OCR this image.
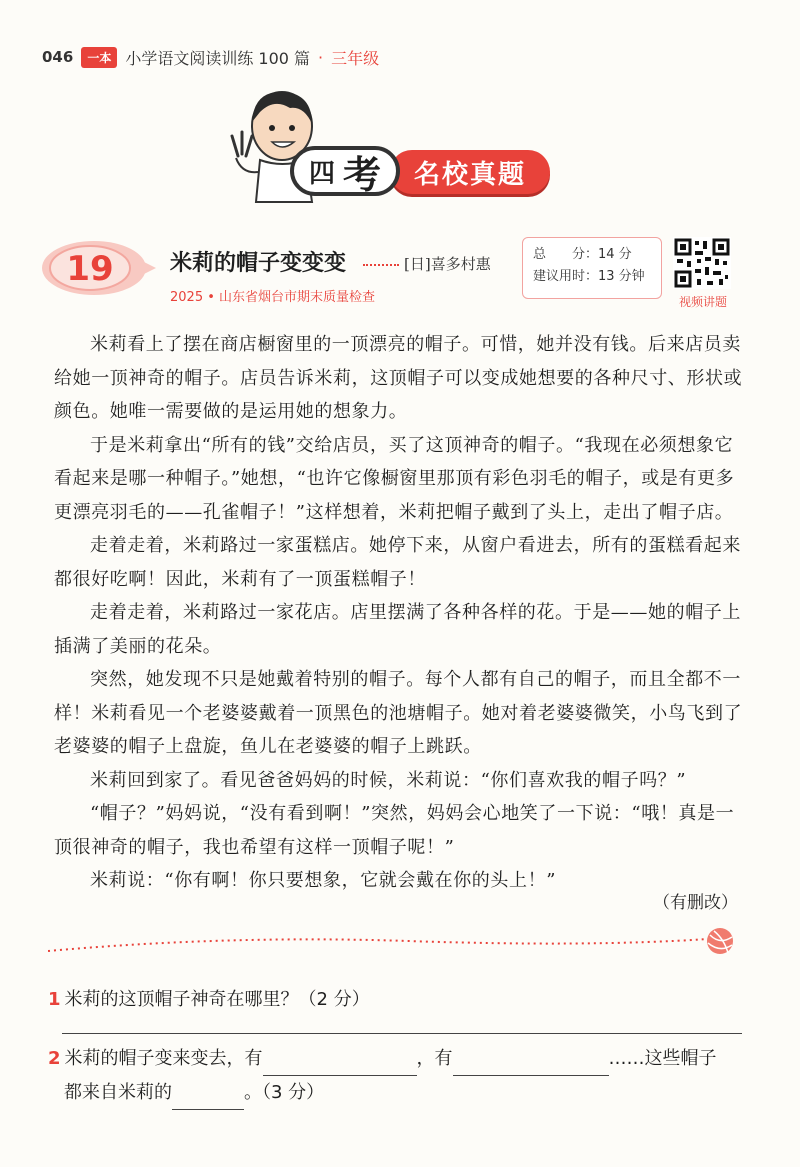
046	一本 小学语文阅读训练 100 篇 · 三年级
名校真题
四 考
19	米莉的帽子变变变	[日]喜多村惠
2025 • 山东省烟台市期末质量检查
总　　分：14 分
建议用时：13 分钟
视频讲题

米莉看上了摆在商店橱窗里的一顶漂亮的帽子。可惜，她并没有钱。后来店员卖给她一顶神奇的帽子。店员告诉米莉，这顶帽子可以变成她想要的各种尺寸、形状或颜色。她唯一需要做的是运用她的想象力。

于是米莉拿出“所有的钱”交给店员，买了这顶神奇的帽子。“我现在必须想象它看起来是哪一种帽子。”她想，“也许它像橱窗里那顶有彩色羽毛的帽子，或是有更多更漂亮羽毛的——孔雀帽子！”这样想着，米莉把帽子戴到了头上，走出了帽子店。

走着走着，米莉路过一家蛋糕店。她停下来，从窗户看进去，所有的蛋糕看起来都很好吃啊！因此，米莉有了一顶蛋糕帽子！

走着走着，米莉路过一家花店。店里摆满了各种各样的花。于是——她的帽子上插满了美丽的花朵。

突然，她发现不只是她戴着特别的帽子。每个人都有自己的帽子，而且全都不一样！米莉看见一个老婆婆戴着一顶黑色的池塘帽子。她对着老婆婆微笑，小鸟飞到了老婆婆的帽子上盘旋，鱼儿在老婆婆的帽子上跳跃。

米莉回到家了。看见爸爸妈妈的时候，米莉说：“你们喜欢我的帽子吗？”

“帽子？”妈妈说，“没有看到啊！”突然，妈妈会心地笑了一下说：“哦！真是一顶很神奇的帽子，我也希望有这样一顶帽子呢！”

米莉说：“你有啊！你只要想象，它就会戴在你的头上！”

（有删改）
1 米莉的这顶帽子神奇在哪里？（2 分）
2 米莉的帽子变来变去，有	，有	……这些帽子
都来自米莉的	。（3 分）
